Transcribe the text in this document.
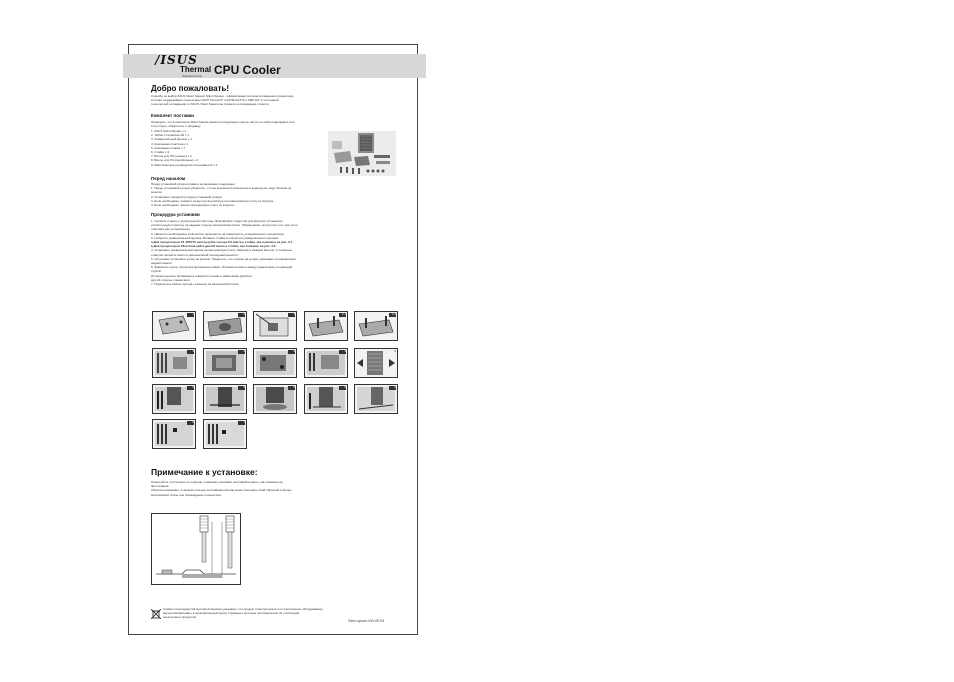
/ISUS
Thermal
Solutions Corp. CPU Cooler
Добро пожаловать!
Спасибо за выбор ASUS Silent Square! Silent Square - эффективная система охлаждения процессора,
которая поддерживает процессоры Intel® Pentium® 4 и/P4/LGA775 и AMD K8. С последней
технологией охлаждения от ASUS, Silent Square вы примете охлаждающие отрасли.
Комплект поставки
Проверьте, что в комплекте Silent Square имеются следующие пункты. Если что-либо повреждено или
отсутствует, обратитесь к продавцу:
1. ASUS Silent Square x 1
2. Тюбик с термопастой x 1
3. Универсальный крепеж x 1
4. Крепежная пластина x 1
5. Крепежная планка x 7
6. Стойки x 4
7. Винты для K8 (черные) x 2
8. Винты для P4 (серебряные) x 4
9. Многоязычное руководство пользователя x 1
Перед началом
Перед установкой кулера примите во внимание следующее:
1. Перед установкой кулера убедитесь, что вы выключили компьютер и выдернули шнур питания из
розетки.
2. Установите процессор перед установкой кулера.
3. Если необходимо, снимите кулер или вентилятор или материнскую плату из корпуса.
4. Если необходимо, выньте материнскую плату из корпуса.
Процедура установки
1. Снимите планку с усилительной пластины. Выровняйте отверстия для винтов и установите
усилительную пластину на заднюю сторону материнской платы. (Примечание: пропустите этот шаг если
пластина уже установлена.)
2. Нанесите необходимое количество термопасты на поверхность установленного процессора.
3. Соберите универсальный крепеж. Вставьте стойки в отверстия универсального крепежа:
a.Для процессоров P4 478/775 используйте четыре P4 винта в стойки, как показано на рис. 3.1.
b.Для процессоров K8 используйте два K8 винта в стойки, как показано на рис. 3.2.
4. Установите универсальный крепеж на материнскую плату. Закрепите каждым винтом. С помощью
отвертки затяните винты в диагональной последовательности.
5. Осторожно установите кулер на крепеж. Убедитесь, что стрелки на кулере указывают в направлении
задней панели.
6. Закрепите кулер, используя крепежные планки. Установите винты между радиатором и подающей
трубой.
Их можно крепить вставками в отверстия планки и навинчивая рукой на
другой стороне планки винт.
7. Подключите кабель кулера к разъему на материнской плате.
1	2	3	3.1	3.2
4	4	4	4	5
6	6	6	6	6
6	7
Примечание к установке:
Пожалуйста, постепенно по очереди с равными усилиями затягивайте винты, как показано на
фотографии.
Обратите внимание: Слишком сильное затягивание винтов может вызывать сбой обратной стороны
материнской платы или повреждение процессора.
Символ перечеркнутой мусорной корзины указывает, что продукт (электрическое или электронное оборудование)
нельзя выбрасывать в муниципальный мусор. Проверьте местные постановления об утилизации
электронных продуктов.
Silent square-UNV-B0 EA
